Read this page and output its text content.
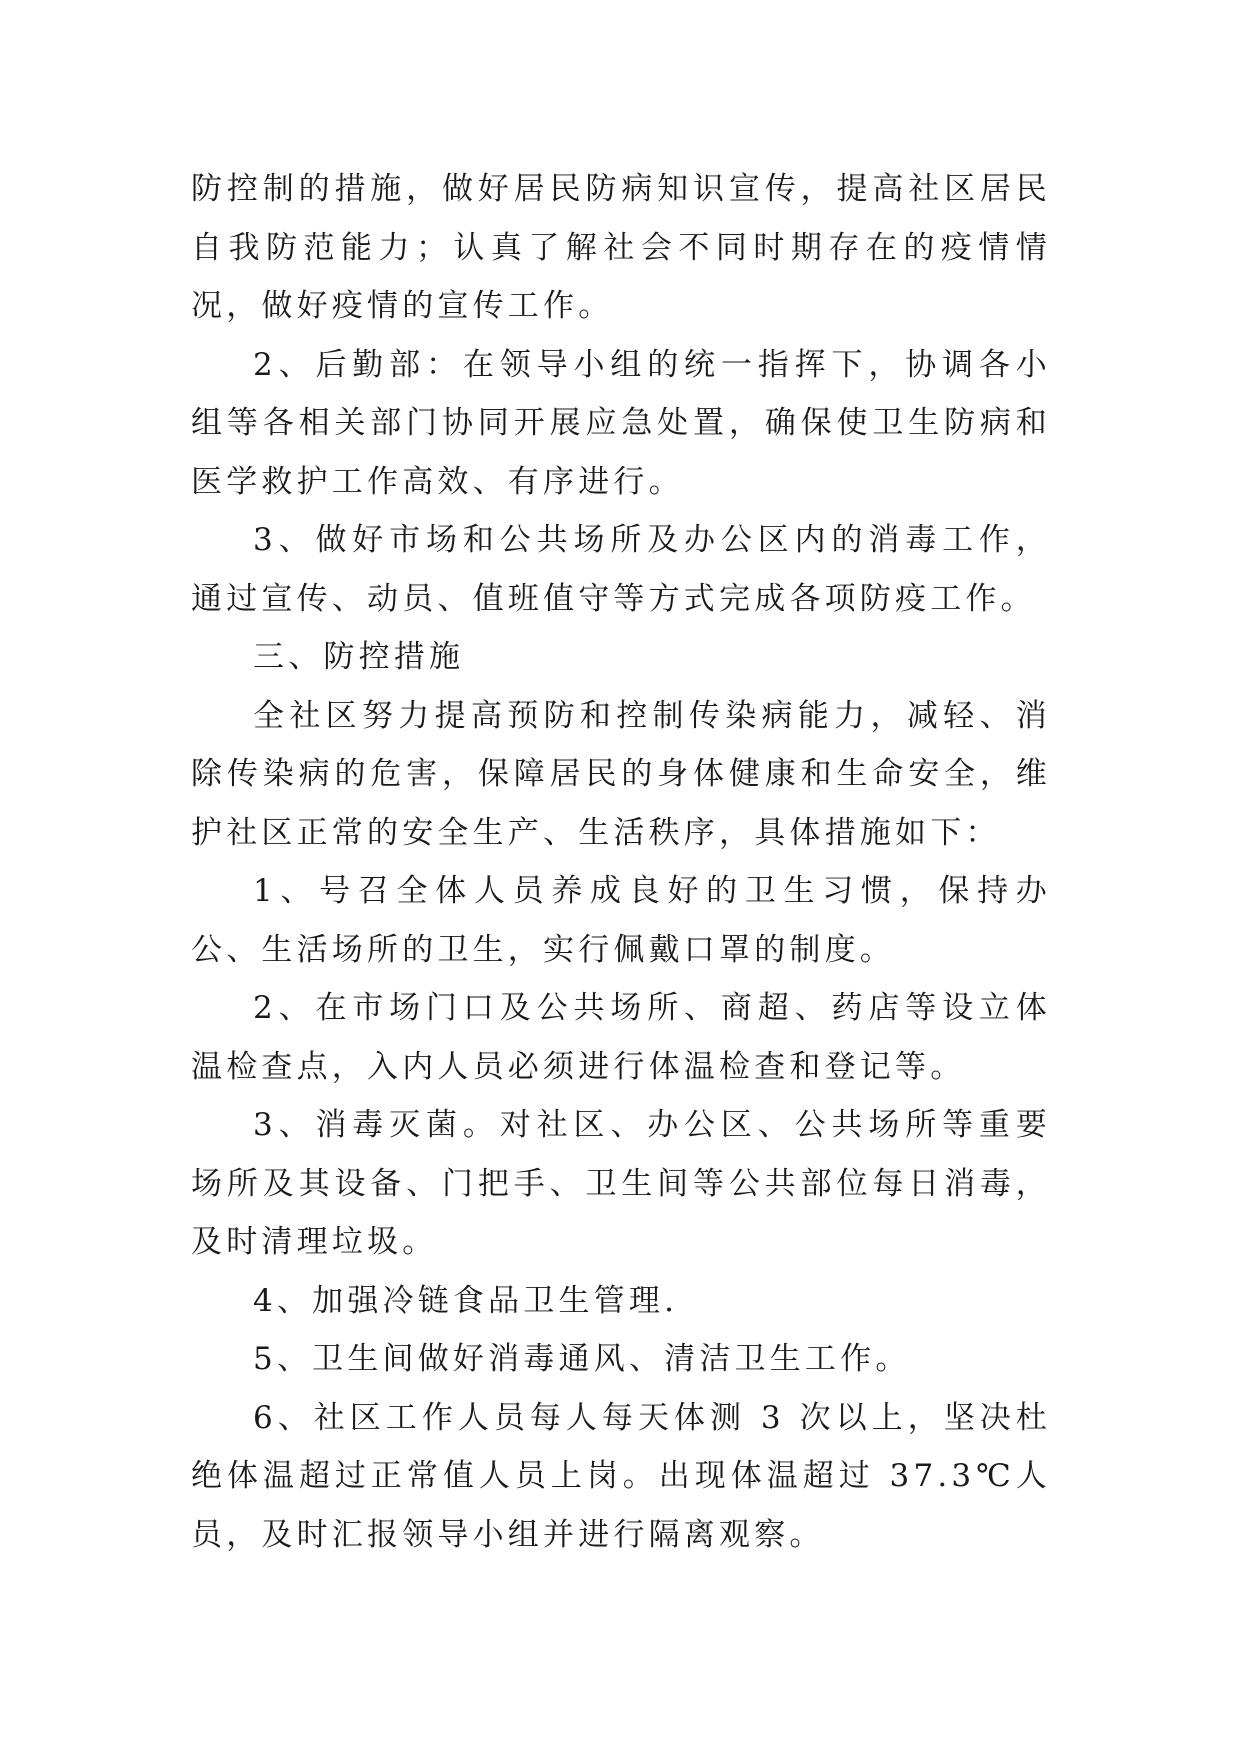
防控制的措施，做好居民防病知识宣传，提高社区居民自我防范能力；认真了解社会不同时期存在的疫情情况，做好疫情的宣传工作。

2、后勤部：在领导小组的统一指挥下，协调各小组等各相关部门协同开展应急处置，确保使卫生防病和医学救护工作高效、有序进行。

3、做好市场和公共场所及办公区内的消毒工作，通过宣传、动员、值班值守等方式完成各项防疫工作。

三、防控措施

全社区努力提高预防和控制传染病能力，减轻、消除传染病的危害，保障居民的身体健康和生命安全，维护社区正常的安全生产、生活秩序，具体措施如下：

1、号召全体人员养成良好的卫生习惯，保持办公、生活场所的卫生，实行佩戴口罩的制度。

2、在市场门口及公共场所、商超、药店等设立体温检查点，入内人员必须进行体温检查和登记等。

3、消毒灭菌。对社区、办公区、公共场所等重要场所及其设备、门把手、卫生间等公共部位每日消毒，及时清理垃圾。

4、加强冷链食品卫生管理.

5、卫生间做好消毒通风、清洁卫生工作。

6、社区工作人员每人每天体测 3 次以上，坚决杜绝体温超过正常值人员上岗。出现体温超过 37.3℃人员，及时汇报领导小组并进行隔离观察。
